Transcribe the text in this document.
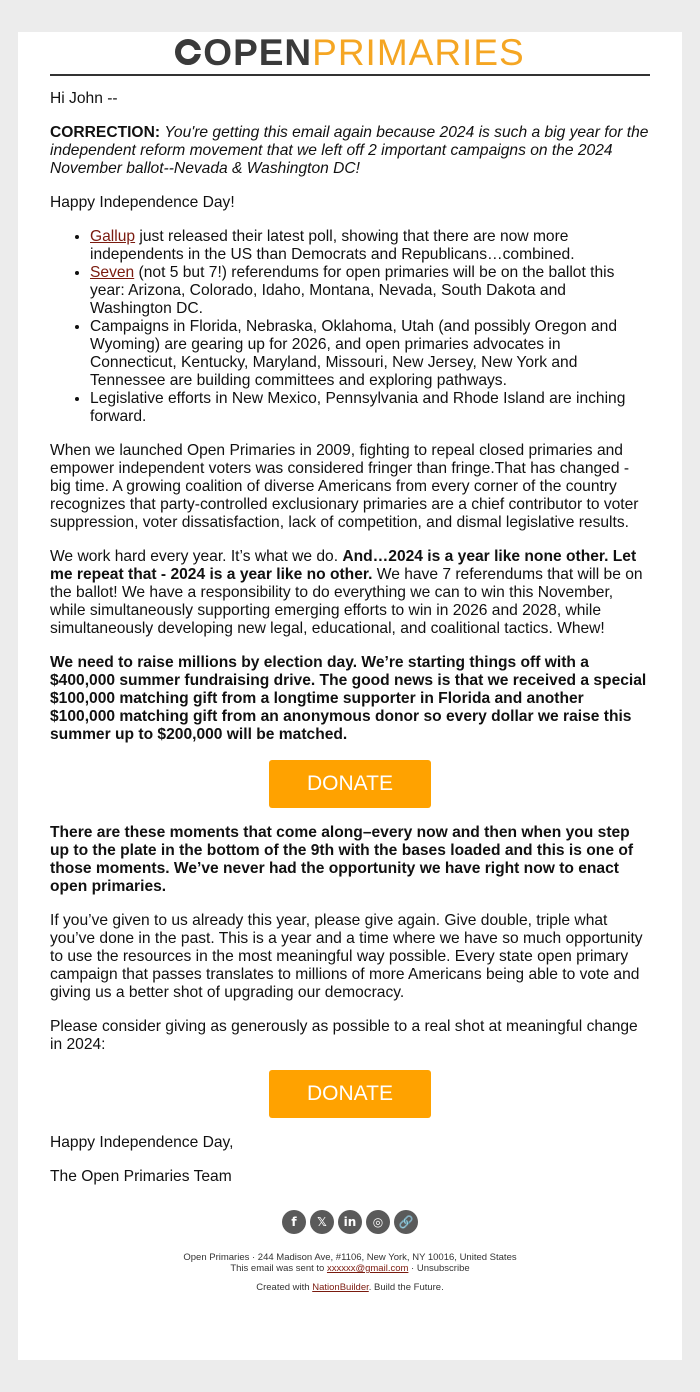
OPEN PRIMARIES

Hi John --

CORRECTION: You're getting this email again because 2024 is such a big year for the independent reform movement that we left off 2 important campaigns on the 2024 November ballot--Nevada & Washington DC!

Happy Independence Day!

• Gallup just released their latest poll, showing that there are now more independents in the US than Democrats and Republicans…combined.
• Seven (not 5 but 7!) referendums for open primaries will be on the ballot this year: Arizona, Colorado, Idaho, Montana, Nevada, South Dakota and Washington DC.
• Campaigns in Florida, Nebraska, Oklahoma, Utah (and possibly Oregon and Wyoming) are gearing up for 2026, and open primaries advocates in Connecticut, Kentucky, Maryland, Missouri, New Jersey, New York and Tennessee are building committees and exploring pathways.
• Legislative efforts in New Mexico, Pennsylvania and Rhode Island are inching forward.

When we launched Open Primaries in 2009, fighting to repeal closed primaries and empower independent voters was considered fringer than fringe.That has changed - big time. A growing coalition of diverse Americans from every corner of the country recognizes that party-controlled exclusionary primaries are a chief contributor to voter suppression, voter dissatisfaction, lack of competition, and dismal legislative results.

We work hard every year. It’s what we do. And…2024 is a year like none other. Let me repeat that - 2024 is a year like no other. We have 7 referendums that will be on the ballot! We have a responsibility to do everything we can to win this November, while simultaneously supporting emerging efforts to win in 2026 and 2028, while simultaneously developing new legal, educational, and coalitional tactics. Whew!

We need to raise millions by election day. We’re starting things off with a $400,000 summer fundraising drive. The good news is that we received a special $100,000 matching gift from a longtime supporter in Florida and another $100,000 matching gift from an anonymous donor so every dollar we raise this summer up to $200,000 will be matched.

DONATE

There are these moments that come along–every now and then when you step up to the plate in the bottom of the 9th with the bases loaded and this is one of those moments. We’ve never had the opportunity we have right now to enact open primaries.

If you’ve given to us already this year, please give again. Give double, triple what you’ve done in the past. This is a year and a time where we have so much opportunity to use the resources in the most meaningful way possible. Every state open primary campaign that passes translates to millions of more Americans being able to vote and giving us a better shot of upgrading our democracy.

Please consider giving as generously as possible to a real shot at meaningful change in 2024:

DONATE

Happy Independence Day,

The Open Primaries Team

f	𝕏	in	◎	🔗
Open Primaries · 244 Madison Ave, #1106, New York, NY 10016, United States
This email was sent to xxxxxx@gmail.com · Unsubscribe
Created with NationBuilder. Build the Future.
